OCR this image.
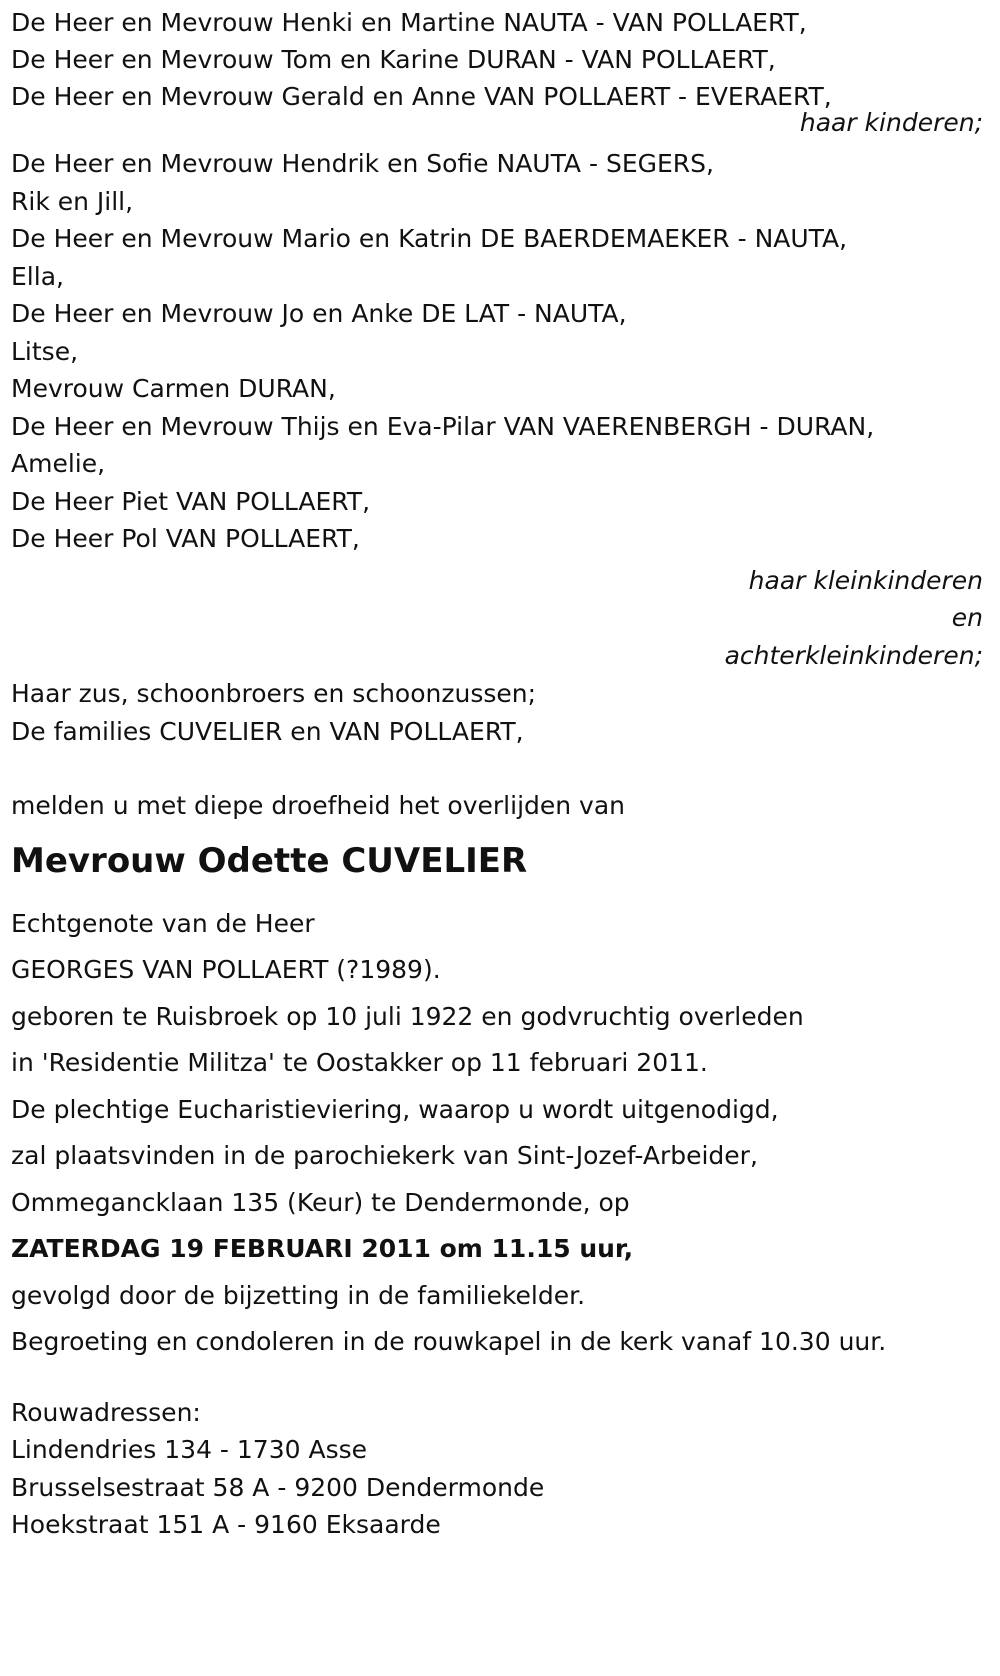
De Heer en Mevrouw Henki en Martine NAUTA - VAN POLLAERT,
De Heer en Mevrouw Tom en Karine DURAN - VAN POLLAERT,
De Heer en Mevrouw Gerald en Anne VAN POLLAERT - EVERAERT,
haar kinderen;
De Heer en Mevrouw Hendrik en Sofie NAUTA - SEGERS,
Rik en Jill,
De Heer en Mevrouw Mario en Katrin DE BAERDEMAEKER - NAUTA,
Ella,
De Heer en Mevrouw Jo en Anke DE LAT - NAUTA,
Litse,
Mevrouw Carmen DURAN,
De Heer en Mevrouw Thijs en Eva-Pilar VAN VAERENBERGH - DURAN,
Amelie,
De Heer Piet VAN POLLAERT,
De Heer Pol VAN POLLAERT,
haar kleinkinderen
en
achterkleinkinderen;
Haar zus, schoonbroers en schoonzussen;
De families CUVELIER en VAN POLLAERT,
melden u met diepe droefheid het overlijden van
Mevrouw Odette CUVELIER
Echtgenote van de Heer
GEORGES VAN POLLAERT (?1989).
geboren te Ruisbroek op 10 juli 1922 en godvruchtig overleden
in 'Residentie Militza' te Oostakker op 11 februari 2011.
De plechtige Eucharistieviering, waarop u wordt uitgenodigd,
zal plaatsvinden in de parochiekerk van Sint-Jozef-Arbeider,
Ommegancklaan 135 (Keur) te Dendermonde, op
ZATERDAG 19 FEBRUARI 2011 om 11.15 uur,
gevolgd door de bijzetting in de familiekelder.
Begroeting en condoleren in de rouwkapel in de kerk vanaf 10.30 uur.
Rouwadressen:
Lindendries 134 - 1730 Asse
Brusselsestraat 58 A - 9200 Dendermonde
Hoekstraat 151 A - 9160 Eksaarde
